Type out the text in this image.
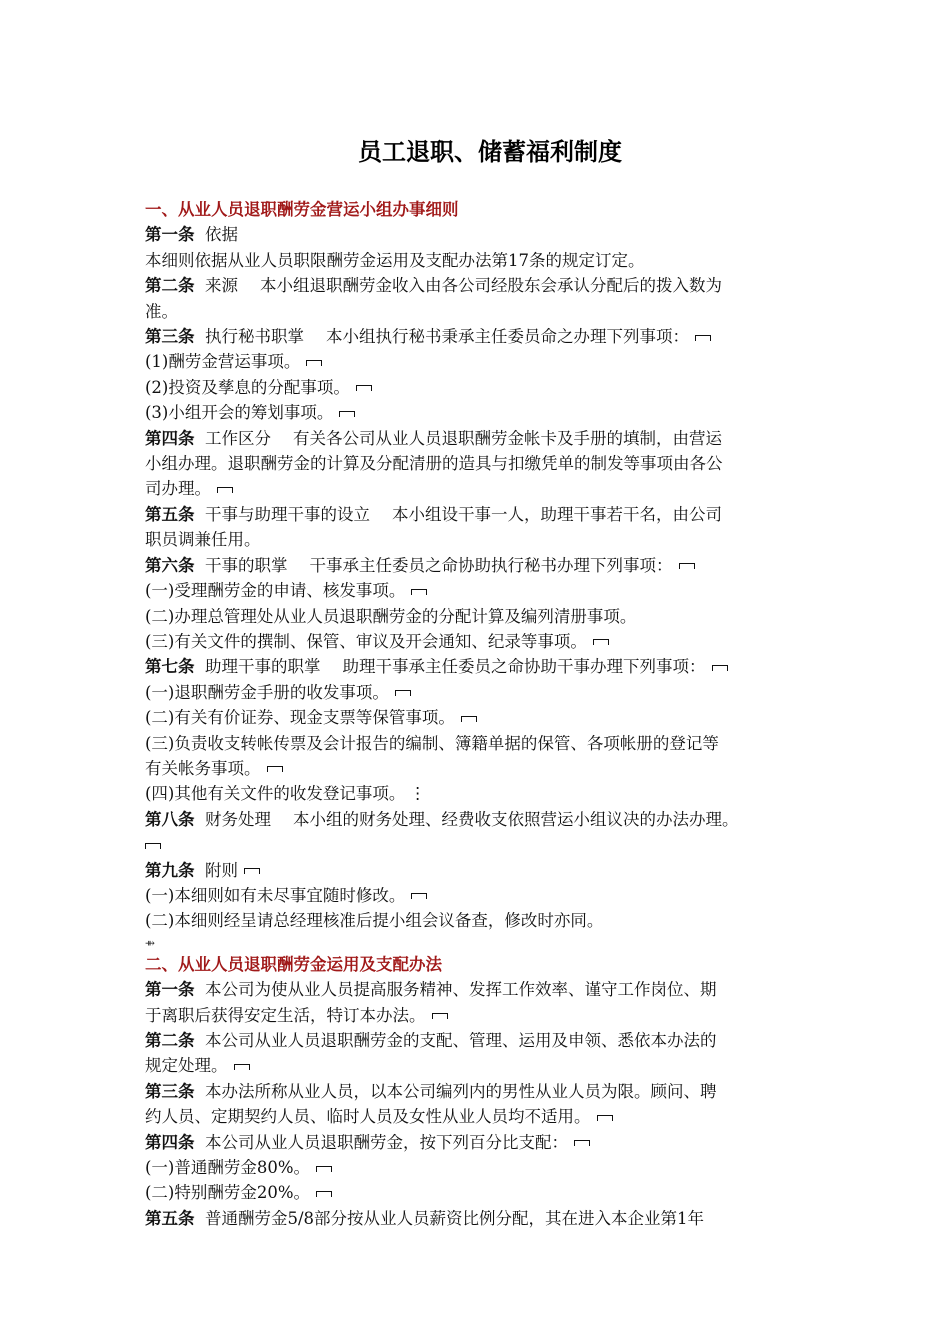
员工退职、储蓄福利制度

一、从业人员退职酬劳金营运小组办事细则

第一条 依据

本细则依据从业人员职限酬劳金运用及支配办法第17条的规定订定。

第二条 来源 本小组退职酬劳金收入由各公司经股东会承认分配后的拨入数为

准。

第三条 执行秘书职掌 本小组执行秘书秉承主任委员命之办理下列事项：

(1)酬劳金营运事项。

(2)投资及孳息的分配事项。

(3)小组开会的筹划事项。

第四条 工作区分 有关各公司从业人员退职酬劳金帐卡及手册的填制，由营运

小组办理。退职酬劳金的计算及分配清册的造具与扣缴凭单的制发等事项由各公

司办理。

第五条 干事与助理干事的设立 本小组设干事一人，助理干事若干名，由公司

职员调兼任用。

第六条 干事的职掌 干事承主任委员之命协助执行秘书办理下列事项：

(一)受理酬劳金的申请、核发事项。

(二)办理总管理处从业人员退职酬劳金的分配计算及编列清册事项。

(三)有关文件的撰制、保管、审议及开会通知、纪录等事项。

第七条 助理干事的职掌 助理干事承主任委员之命协助干事办理下列事项：

(一)退职酬劳金手册的收发事项。

(二)有关有价证券、现金支票等保管事项。

(三)负责收支转帐传票及会计报告的编制、簿籍单据的保管、各项帐册的登记等

有关帐务事项。

(四)其他有关文件的收发登记事项。 ⋮

第八条 财务处理 本小组的财务处理、经费收支依照营运小组议决的办法办理。

第九条 附则

(一)本细则如有未尽事宜随时修改。

(二)本细则经呈请总经理核准后提小组会议备查，修改时亦同。

⇻

二、从业人员退职酬劳金运用及支配办法

第一条 本公司为使从业人员提高服务精神、发挥工作效率、谨守工作岗位、期

于离职后获得安定生活，特订本办法。

第二条 本公司从业人员退职酬劳金的支配、管理、运用及申领、悉依本办法的

规定处理。

第三条 本办法所称从业人员，以本公司编列内的男性从业人员为限。顾问、聘

约人员、定期契约人员、临时人员及女性从业人员均不适用。

第四条 本公司从业人员退职酬劳金，按下列百分比支配：

(一)普通酬劳金80%。

(二)特别酬劳金20%。

第五条 普通酬劳金5/8部分按从业人员薪资比例分配，其在进入本企业第1年
